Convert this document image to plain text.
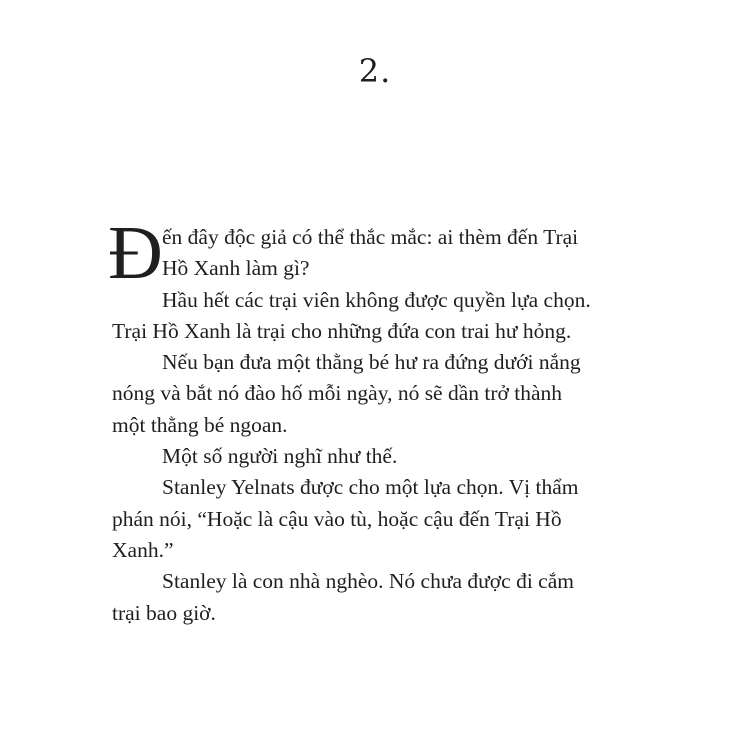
2.
Đ ến đây độc giả có thể thắc mắc: ai thèm đến Trại
Hồ Xanh làm gì?
Hầu hết các trại viên không được quyền lựa chọn.
Trại Hồ Xanh là trại cho những đứa con trai hư hỏng.
Nếu bạn đưa một thằng bé hư ra đứng dưới nắng
nóng và bắt nó đào hố mỗi ngày, nó sẽ dần trở thành
một thằng bé ngoan.
Một số người nghĩ như thế.
Stanley Yelnats được cho một lựa chọn. Vị thẩm
phán nói, “Hoặc là cậu vào tù, hoặc cậu đến Trại Hồ
Xanh.”
Stanley là con nhà nghèo. Nó chưa được đi cắm
trại bao giờ.
